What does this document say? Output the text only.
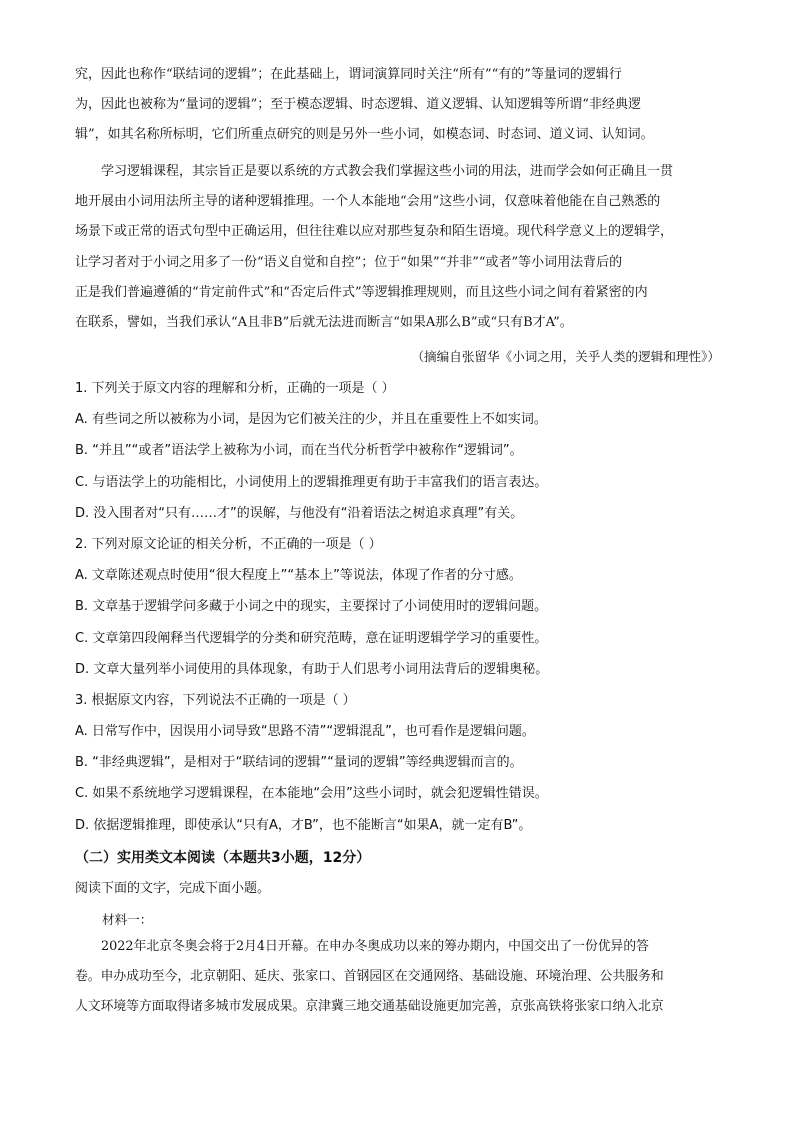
究，因此也称作“联结词的逻辑”；在此基础上，谓词演算同时关注“所有”“有的”等量词的逻辑行
为，因此也被称为“量词的逻辑”；至于模态逻辑、时态逻辑、道义逻辑、认知逻辑等所谓“非经典逻
辑”，如其名称所标明，它们所重点研究的则是另外一些小词，如模态词、时态词、道义词、认知词。
学习逻辑课程，其宗旨正是要以系统的方式教会我们掌握这些小词的用法，进而学会如何正确且一贯
地开展由小词用法所主导的诸种逻辑推理。一个人本能地“会用”这些小词，仅意味着他能在自己熟悉的
场景下或正常的语式句型中正确运用，但往往难以应对那些复杂和陌生语境。现代科学意义上的逻辑学，
让学习者对于小词之用多了一份“语义自觉和自控”；位于“如果”“并非”“或者”等小词用法背后的
正是我们普遍遵循的“肯定前件式”和“否定后件式”等逻辑推理规则，而且这些小词之间有着紧密的内
在联系，譬如，当我们承认“A且非B”后就无法进而断言“如果A那么B”或“只有B才A”。
（摘编自张留华《小词之用，关乎人类的逻辑和理性》）
1. 下列关于原文内容的理解和分析，正确的一项是（ ）
A. 有些词之所以被称为小词，是因为它们被关注的少，并且在重要性上不如实词。
B. “并且”“或者”语法学上被称为小词，而在当代分析哲学中被称作“逻辑词”。
C. 与语法学上的功能相比，小词使用上的逻辑推理更有助于丰富我们的语言表达。
D. 没入围者对“只有……才”的误解，与他没有“沿着语法之树追求真理”有关。
2. 下列对原文论证的相关分析，不正确的一项是（ ）
A. 文章陈述观点时使用“很大程度上”“基本上”等说法，体现了作者的分寸感。
B. 文章基于逻辑学问多藏于小词之中的现实，主要探讨了小词使用时的逻辑问题。
C. 文章第四段阐释当代逻辑学的分类和研究范畴，意在证明逻辑学学习的重要性。
D. 文章大量列举小词使用的具体现象，有助于人们思考小词用法背后的逻辑奥秘。
3. 根据原文内容，下列说法不正确的一项是（ ）
A. 日常写作中，因误用小词导致“思路不清”“逻辑混乱”，也可看作是逻辑问题。
B. “非经典逻辑”，是相对于“联结词的逻辑”“量词的逻辑”等经典逻辑而言的。
C. 如果不系统地学习逻辑课程，在本能地“会用”这些小词时，就会犯逻辑性错误。
D. 依据逻辑推理，即使承认“只有A，才B”，也不能断言“如果A，就一定有B”。
（二）实用类文本阅读（本题共3小题，12分）
阅读下面的文字，完成下面小题。
材料一：
2022年北京冬奥会将于2月4日开幕。在申办冬奥成功以来的筹办期内，中国交出了一份优异的答
卷。申办成功至今，北京朝阳、延庆、张家口、首钢园区在交通网络、基础设施、环境治理、公共服务和
人文环境等方面取得诸多城市发展成果。京津冀三地交通基础设施更加完善，京张高铁将张家口纳入北京
